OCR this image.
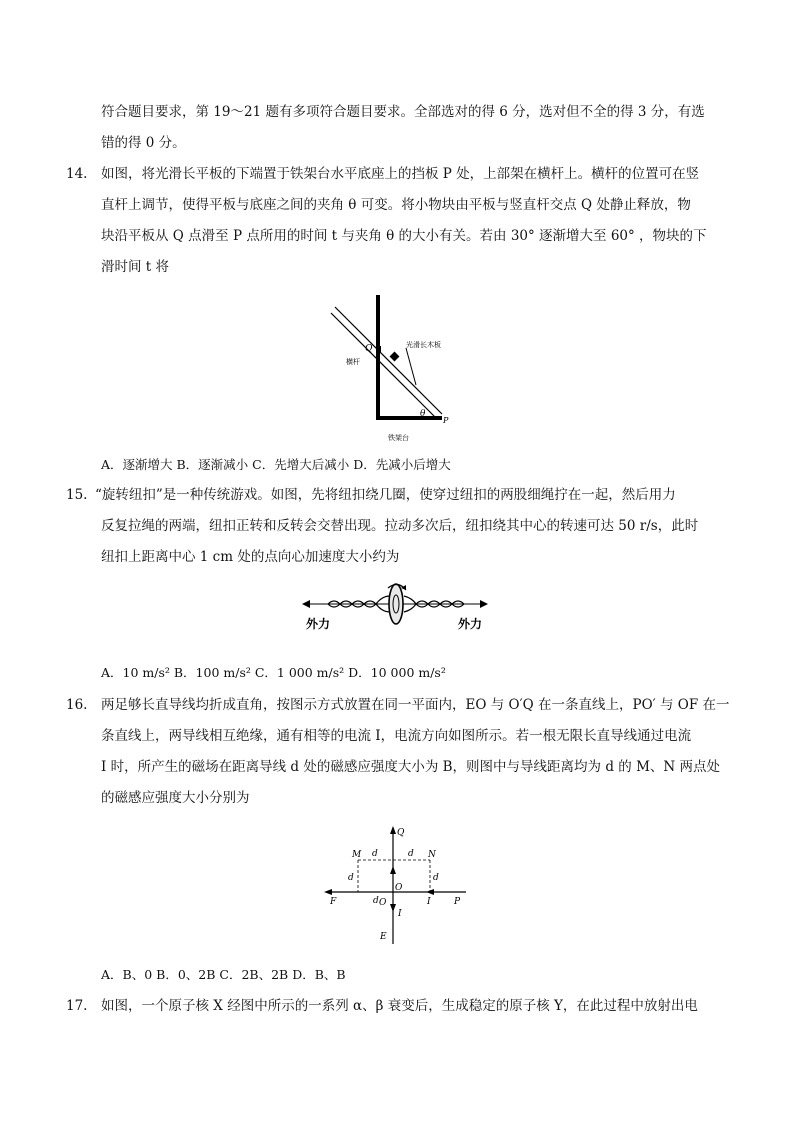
符合题目要求，第 19～21 题有多项符合题目要求。全部选对的得 6 分，选对但不全的得 3 分，有选
错的得 0 分。
14. 如图，将光滑长平板的下端置于铁架台水平底座上的挡板 P 处，上部架在横杆上。横杆的位置可在竖
直杆上调节，使得平板与底座之间的夹角 θ 可变。将小物块由平板与竖直杆交点 Q 处静止释放，物
块沿平板从 Q 点滑至 P 点所用的时间 t 与夹角 θ 的大小有关。若由 30° 逐渐增大至 60° ，物块的下
滑时间 t 将
光滑长木板
横杆
铁架台
Q
P
θ
A．逐渐增大 B．逐渐减小 C．先增大后减小 D．先减小后增大
15. “旋转纽扣”是一种传统游戏。如图，先将纽扣绕几圈，使穿过纽扣的两股细绳拧在一起，然后用力
反复拉绳的两端，纽扣正转和反转会交替出现。拉动多次后，纽扣绕其中心的转速可达 50 r/s，此时
纽扣上距离中心 1 cm 处的点向心加速度大小约为
外力	外力
A．10 m/s² B．100 m/s² C．1 000 m/s² D．10 000 m/s²
16. 两足够长直导线均折成直角，按图示方式放置在同一平面内，EO 与 O′Q 在一条直线上，PO′ 与 OF 在一
条直线上，两导线相互绝缘，通有相等的电流 I，电流方向如图所示。若一根无限长直导线通过电流
I 时，所产生的磁场在距离导线 d 处的磁感应强度大小为 B，则图中与导线距离均为 d 的 M、N 两点处
的磁感应强度大小分别为
Q
M	N
d	d
d	d
O
d O
F	I	P
I
E
A．B、0 B．0、2B C．2B、2B D．B、B
17. 如图，一个原子核 X 经图中所示的一系列 α、β 衰变后，生成稳定的原子核 Y，在此过程中放射出电
